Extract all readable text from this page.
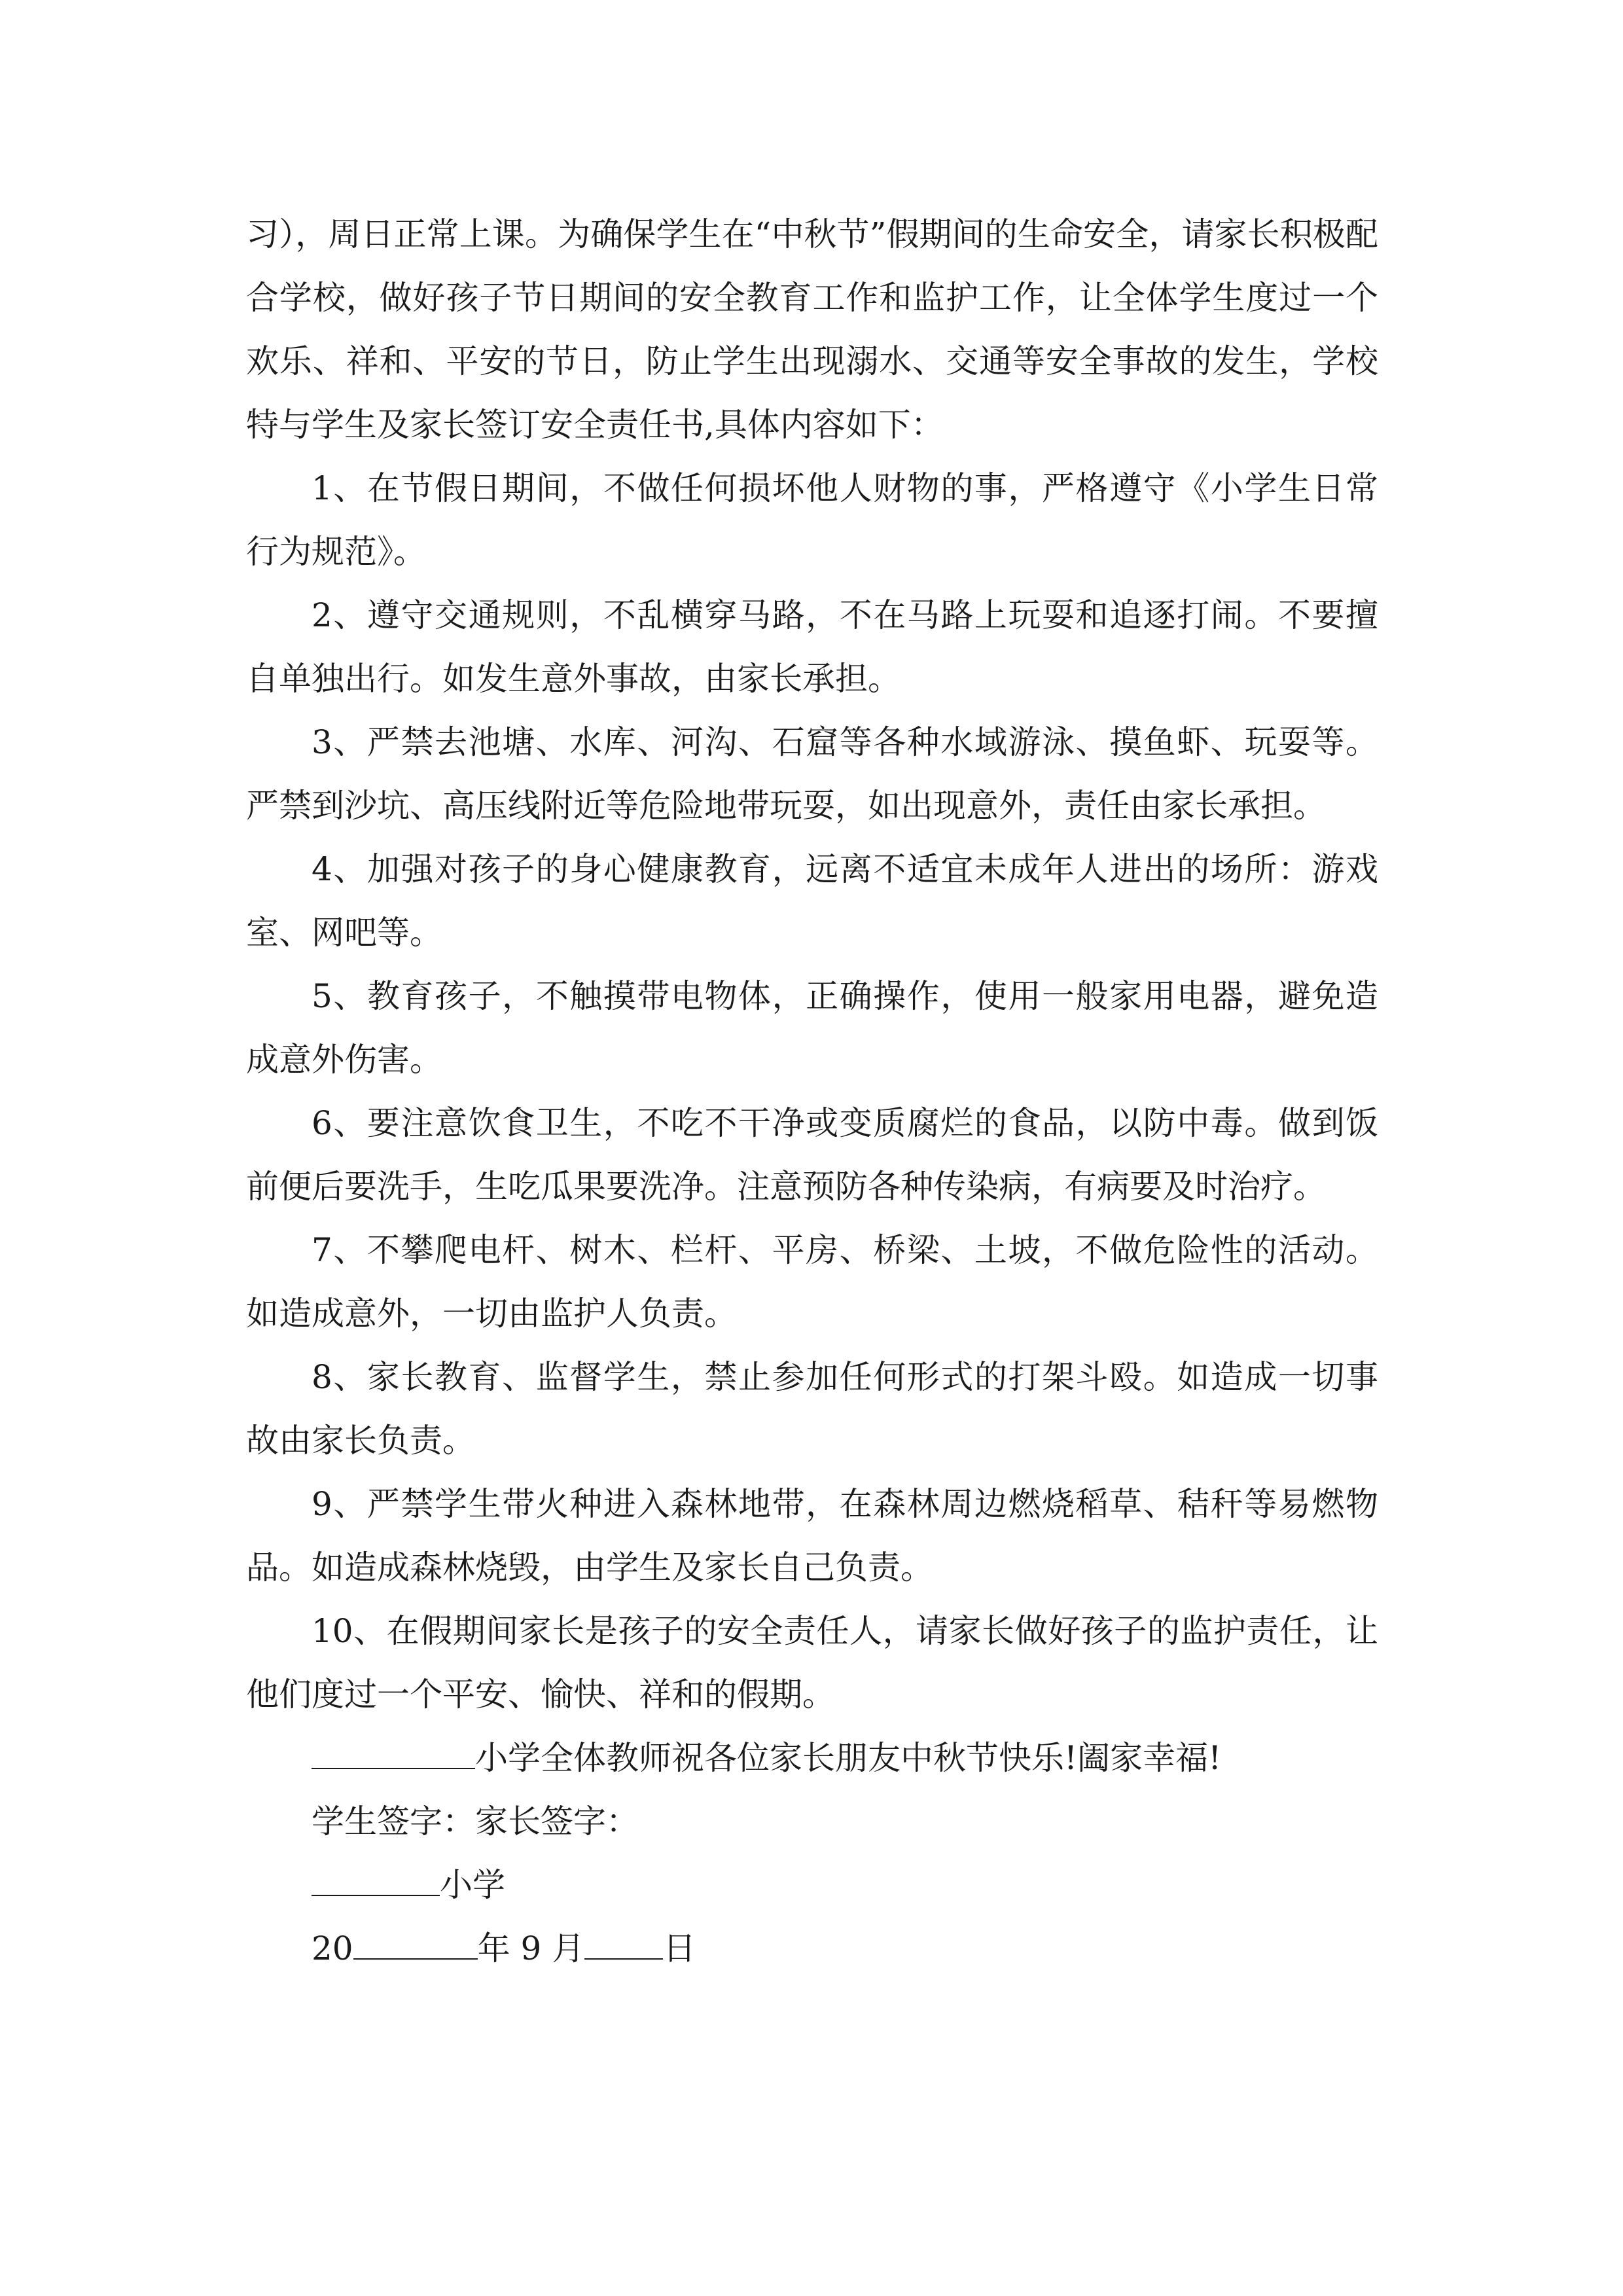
习），周日正常上课。为确保学生在“中秋节”假期间的生命安全，请家长积极配合学校，做好孩子节日期间的安全教育工作和监护工作，让全体学生度过一个欢乐、祥和、平安的节日，防止学生出现溺水、交通等安全事故的发生，学校特与学生及家长签订安全责任书,具体内容如下：

1、在节假日期间，不做任何损坏他人财物的事，严格遵守《小学生日常行为规范》。

2、遵守交通规则，不乱横穿马路，不在马路上玩耍和追逐打闹。不要擅自单独出行。如发生意外事故，由家长承担。

3、严禁去池塘、水库、河沟、石窟等各种水域游泳、摸鱼虾、玩耍等。严禁到沙坑、高压线附近等危险地带玩耍，如出现意外，责任由家长承担。

4、加强对孩子的身心健康教育，远离不适宜未成年人进出的场所：游戏室、网吧等。

5、教育孩子，不触摸带电物体，正确操作，使用一般家用电器，避免造成意外伤害。

6、要注意饮食卫生，不吃不干净或变质腐烂的食品，以防中毒。做到饭前便后要洗手，生吃瓜果要洗净。注意预防各种传染病，有病要及时治疗。

7、不攀爬电杆、树木、栏杆、平房、桥梁、土坡，不做危险性的活动。如造成意外，一切由监护人负责。

8、家长教育、监督学生，禁止参加任何形式的打架斗殴。如造成一切事故由家长负责。

9、严禁学生带火种进入森林地带，在森林周边燃烧稻草、秸秆等易燃物品。如造成森林烧毁，由学生及家长自己负责。

10、在假期间家长是孩子的安全责任人，请家长做好孩子的监护责任，让他们度过一个平安、愉快、祥和的假期。

小学全体教师祝各位家长朋友中秋节快乐!阖家幸福!

学生签字：家长签字：

小学

20	年 9 月 日
